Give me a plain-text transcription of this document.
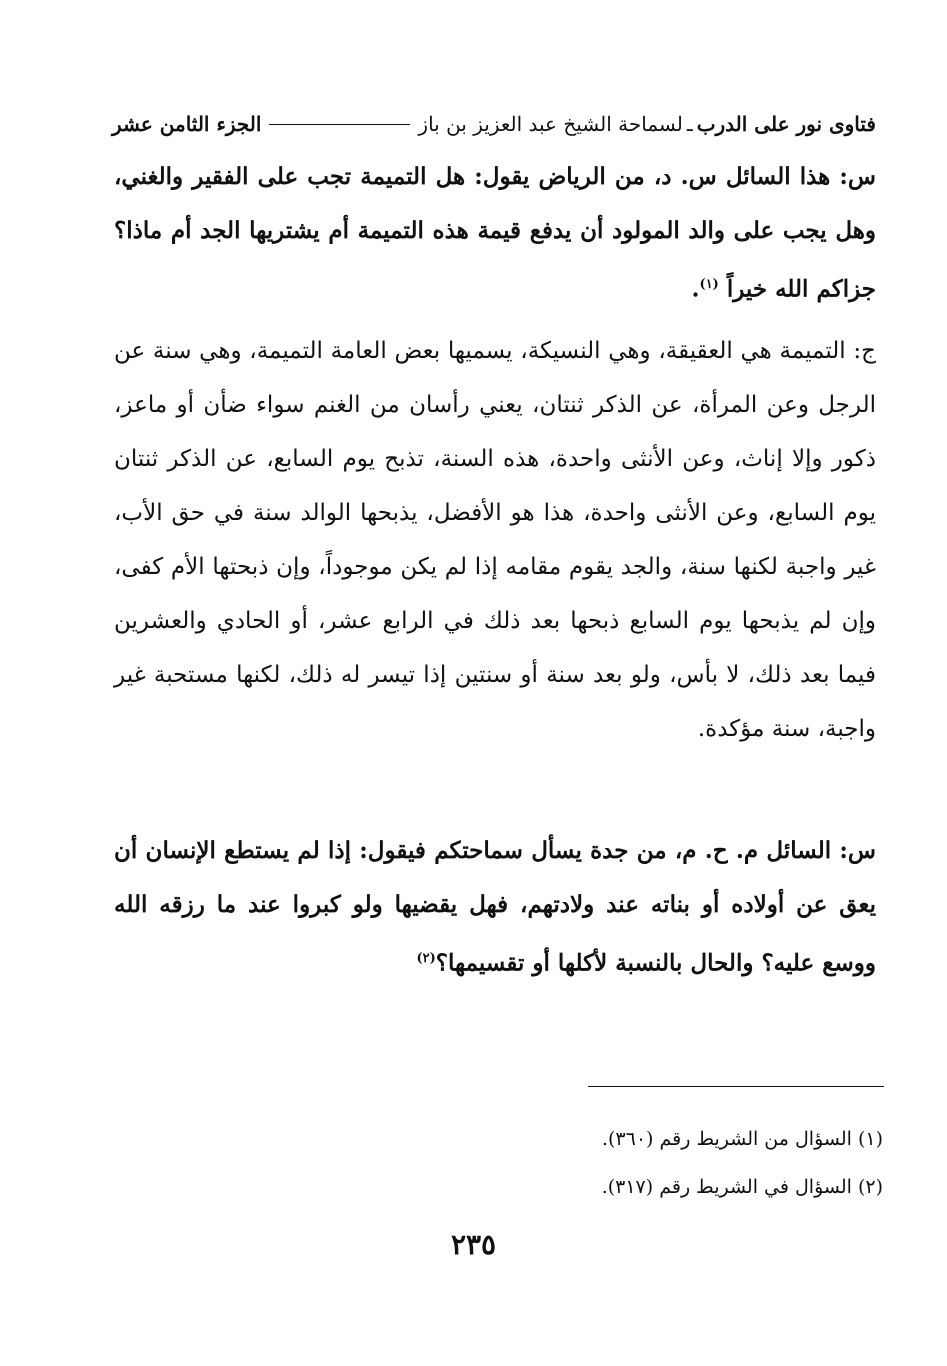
فتاوى نور على الدرب
ـ
لسماحة الشيخ عبد العزيز بن باز
الجزء الثامن عشر

س: هذا السائل س. د، من الرياض يقول: هل التميمة تجب على الفقير والغني، وهل يجب على والد المولود أن يدفع قيمة هذه التميمة أم يشتريها الجد أم ماذا؟ جزاكم الله خيراً $^{(١)}$.

ج: التميمة هي العقيقة، وهي النسيكة، يسميها بعض العامة التميمة، وهي سنة عن الرجل وعن المرأة، عن الذكر ثنتان، يعني رأسان من الغنم سواء ضأن أو ماعز، ذكور وإلا إناث، وعن الأنثى واحدة، هذه السنة، تذبح يوم السابع، عن الذكر ثنتان يوم السابع، وعن الأنثى واحدة، هذا هو الأفضل، يذبحها الوالد سنة في حق الأب، غير واجبة لكنها سنة، والجد يقوم مقامه إذا لم يكن موجوداً، وإن ذبحتها الأم كفى، وإن لم يذبحها يوم السابع ذبحها بعد ذلك في الرابع عشر، أو الحادي والعشرين فيما بعد ذلك، لا بأس، ولو بعد سنة أو سنتين إذا تيسر له ذلك، لكنها مستحبة غير واجبة، سنة مؤكدة.

س: السائل م. ح. م، من جدة يسأل سماحتكم فيقول: إذا لم يستطع الإنسان أن يعق عن أولاده أو بناته عند ولادتهم، فهل يقضيها ولو كبروا عند ما رزقه الله ووسع عليه؟ والحال بالنسبة لأكلها أو تقسيمها؟$^{(٢)}$

(١) السؤال من الشريط رقم (٣٦٠).
(٢) السؤال في الشريط رقم (٣١٧).
٢٣٥
